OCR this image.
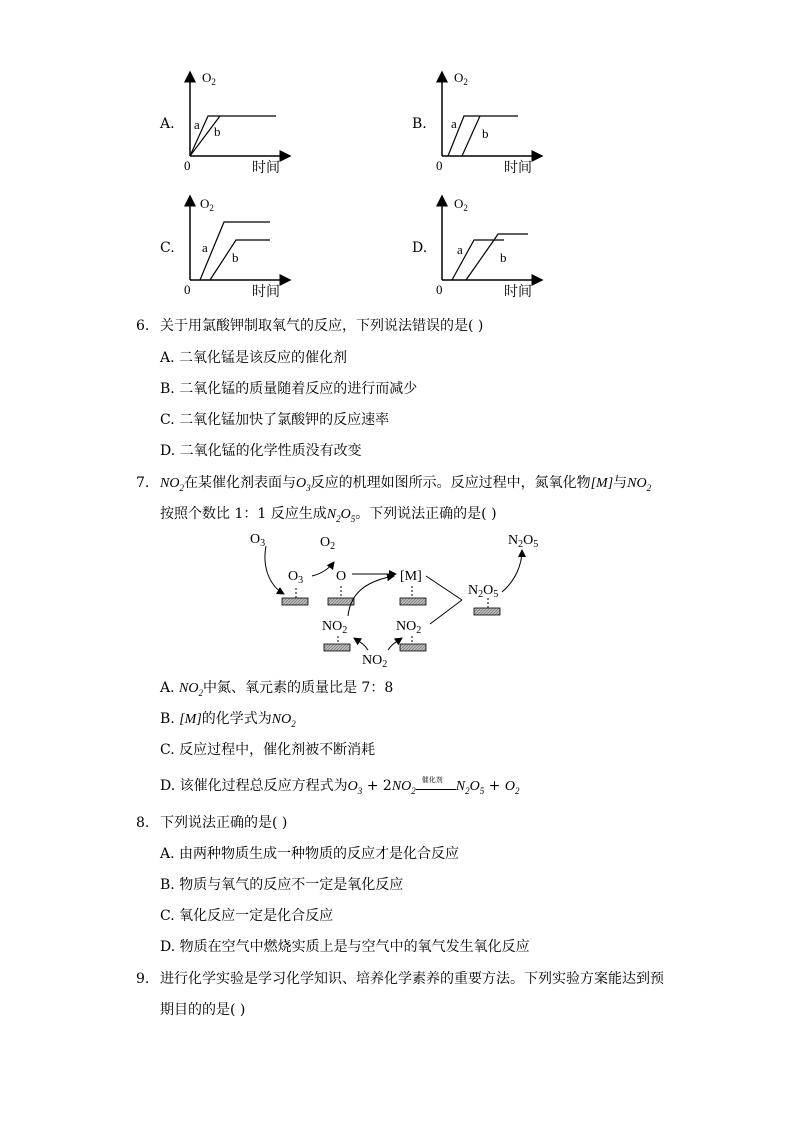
A.
$O_2$
a b
0	时间
B.
$O_2$
a
b
0	时间
C.
$O_2$
a
b
0	时间
D.
$O_2$
a
b
0	时间
6. 关于用氯酸钾制取氧气的反应，下列说法错误的是( )
A. 二氧化锰是该反应的催化剂
B. 二氧化锰的质量随着反应的进行而减少
C. 二氧化锰加快了氯酸钾的反应速率
D. 二氧化锰的化学性质没有改变
7. $NO_2$在某催化剂表面与$O_3$反应的机理如图所示。反应过程中，氮氧化物[M]与$NO_2$
按照个数比 1：1 反应生成$N_2O_5$。下列说法正确的是( )
$O_3$
$O_3$
$O_2$
O	[M]
$N_2O_5$
$N_2O_5$
$NO_2$	$NO_2$
$NO_2$
A. $NO_2$中氮、氧元素的质量比是 7：8
B. [M]的化学式为$NO_2$
C. 反应过程中，催化剂被不断消耗
D. 该催化过程总反应方程式为$O_3 + 2NO_2$
催化剂 $N_2O_5 + O_2$
8. 下列说法正确的是( )
A. 由两种物质生成一种物质的反应才是化合反应
B. 物质与氧气的反应不一定是氧化反应
C. 氧化反应一定是化合反应
D. 物质在空气中燃烧实质上是与空气中的氧气发生氧化反应
9. 进行化学实验是学习化学知识、培养化学素养的重要方法。下列实验方案能达到预
期目的的是( )
